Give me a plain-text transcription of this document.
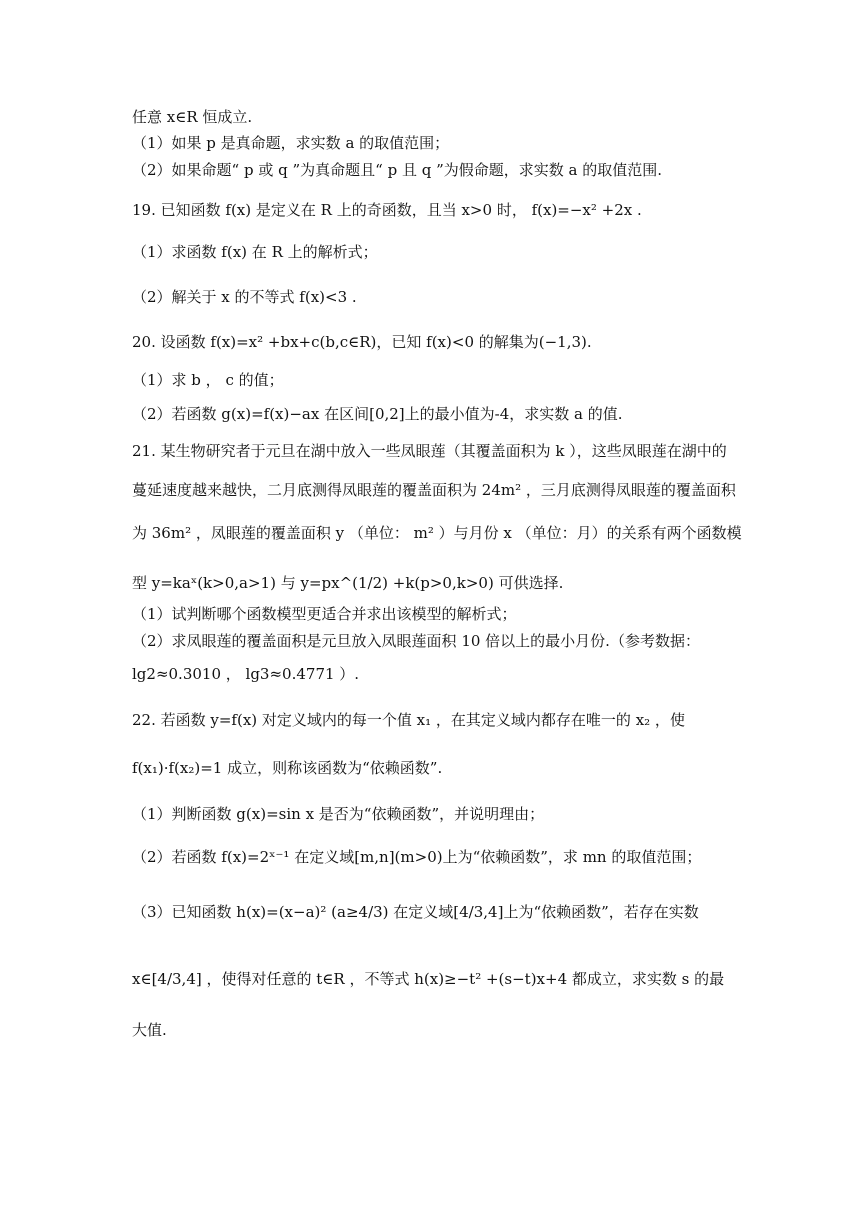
任意 x∈R 恒成立.
（1）如果 p 是真命题，求实数 a 的取值范围；
（2）如果命题“ p 或 q ”为真命题且“ p 且 q ”为假命题，求实数 a 的取值范围.
19. 已知函数 f(x) 是定义在 R 上的奇函数，且当 x>0 时， f(x)=−x² +2x .
（1）求函数 f(x) 在 R 上的解析式；
（2）解关于 x 的不等式 f(x)<3 .
20. 设函数 f(x)=x² +bx+c(b,c∈R)，已知 f(x)<0 的解集为(−1,3).
（1）求 b ， c 的值；
（2）若函数 g(x)=f(x)−ax 在区间[0,2]上的最小值为-4，求实数 a 的值.
21. 某生物研究者于元旦在湖中放入一些凤眼莲（其覆盖面积为 k ），这些凤眼莲在湖中的
蔓延速度越来越快，二月底测得凤眼莲的覆盖面积为 24m² ，三月底测得凤眼莲的覆盖面积
为 36m² ，凤眼莲的覆盖面积 y （单位： m² ）与月份 x （单位：月）的关系有两个函数模
型 y=kaˣ(k>0,a>1) 与 y=px^(1/2) +k(p>0,k>0) 可供选择.
（1）试判断哪个函数模型更适合并求出该模型的解析式；
（2）求凤眼莲的覆盖面积是元旦放入凤眼莲面积 10 倍以上的最小月份.（参考数据：
lg2≈0.3010 ， lg3≈0.4771 ）.
22. 若函数 y=f(x) 对定义域内的每一个值 x₁ ，在其定义域内都存在唯一的 x₂ ，使
f(x₁)·f(x₂)=1 成立，则称该函数为“依赖函数”.
（1）判断函数 g(x)=sin x 是否为“依赖函数”，并说明理由；
（2）若函数 f(x)=2ˣ⁻¹ 在定义域[m,n](m>0)上为“依赖函数”，求 mn 的取值范围；
（3）已知函数 h(x)=(x−a)² (a≥4/3) 在定义域[4/3,4]上为“依赖函数”，若存在实数
x∈[4/3,4] ，使得对任意的 t∈R ，不等式 h(x)≥−t² +(s−t)x+4 都成立，求实数 s 的最
大值.
